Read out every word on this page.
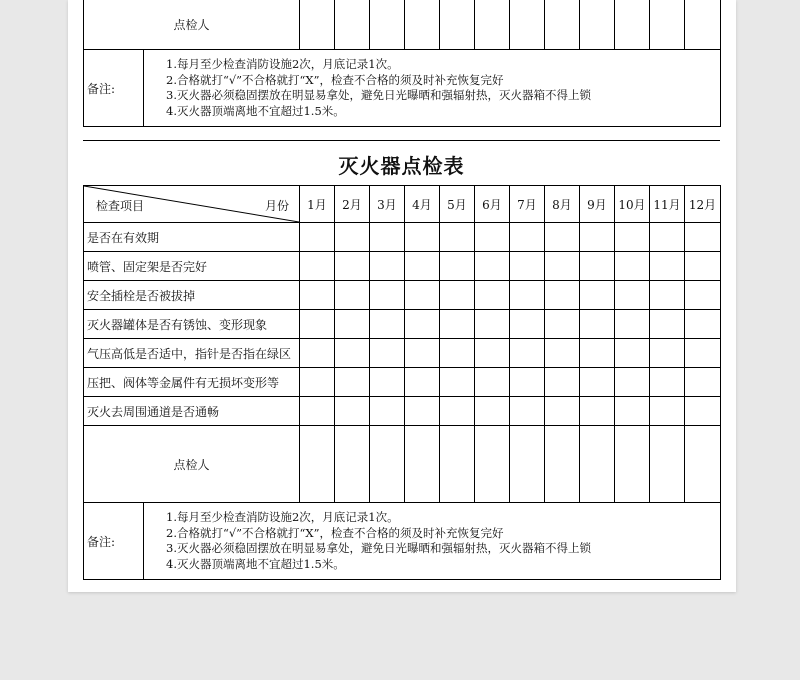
点检人													
备注:	1.每月至少检查消防设施2次，月底记录1次。
2.合格就打“√”不合格就打“X”，检查不合格的须及时补充恢复完好
3.灭火器必须稳固摆放在明显易拿处，避免日光曝晒和强辐射热，灭火器箱不得上锁
4.灭火器顶端离地不宜超过1.5米。												
灭火器点检表
检查项目 月份		1月	2月	3月	4月	5月	6月	7月	8月	9月	10月	11月	12月
是否在有效期													
喷管、固定架是否完好													
安全插栓是否被拔掉													
灭火器罐体是否有锈蚀、变形现象													
气压高低是否适中，指针是否指在绿区													
压把、阀体等金属件有无损坏变形等													
灭火去周围通道是否通畅													
点检人													
备注:	1.每月至少检查消防设施2次，月底记录1次。
2.合格就打“√”不合格就打“X”，检查不合格的须及时补充恢复完好
3.灭火器必须稳固摆放在明显易拿处，避免日光曝晒和强辐射热，灭火器箱不得上锁
4.灭火器顶端离地不宜超过1.5米。												
